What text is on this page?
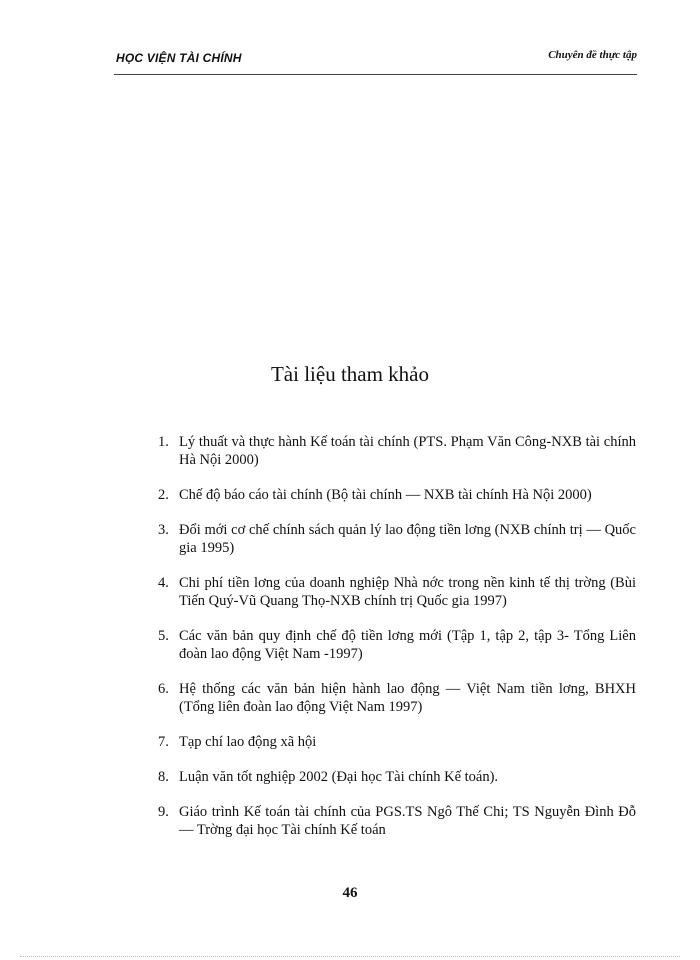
HỌC VIỆN TÀI CHÍNH	Chuyên đề thực tập
Tài liệu tham khảo
1. Lý thuất và thực hành Kế toán tài chính (PTS. Phạm Văn Công-NXB tài chính Hà Nội 2000)
2. Chế độ báo cáo tài chính (Bộ tài chính — NXB tài chính Hà Nội 2000)
3. Đổi mới cơ chế chính sách quản lý lao động tiền lơng (NXB chính trị — Quốc gia 1995)
4. Chi phí tiền lơng của doanh nghiệp Nhà nớc trong nền kinh tế thị trờng (Bùi Tiến Quý-Vũ Quang Thọ-NXB chính trị Quốc gia 1997)
5. Các văn bản quy định chế độ tiền lơng mới (Tập 1, tập 2, tập 3- Tổng Liên đoàn lao động Việt Nam -1997)
6. Hệ thống các văn bản hiện hành lao động — Việt Nam tiền lơng, BHXH (Tổng liên đoàn lao động Việt Nam 1997)
7. Tạp chí lao động xã hội
8. Luận văn tốt nghiệp 2002 (Đại học Tài chính Kế toán).
9. Giáo trình Kế toán tài chính của PGS.TS Ngô Thế Chi; TS Nguyễn Đình Đỗ — Trờng đại học Tài chính Kế toán
46
